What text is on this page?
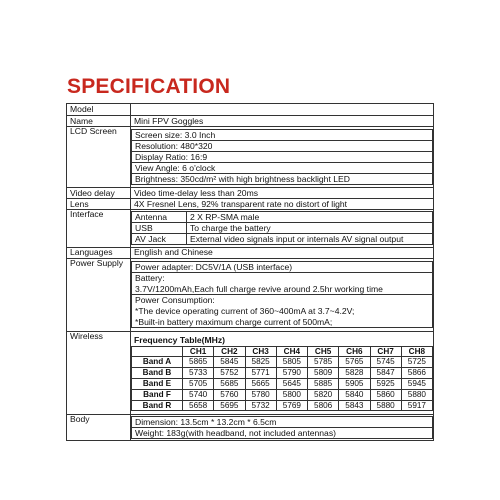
SPECIFICATION
Model	
Name	Mini FPV Goggles
LCD Screen	Screen size: 3.0 Inch
Resolution: 480*320
Display Ratio: 16:9
View Angle: 6 o'clock
Brightness: 350cd/m² with high brightness backlight LED

Video delay	Video time-delay less than 20ms
Lens	4X Fresnel Lens, 92% transparent rate no distort of light
Interface		Antenna	2 X RP-SMA male
USB	To charge the battery
AV Jack	External video signals input or internals AV signal output

Languages	English and Chinese
Power Supply	Power adapter: DC5V/1A (USB interface)

Battery:
3.7V/1200mAh,Each full charge revive around 2.5hr working time

Power Consumption:
*The device operating current of 360~400mA at 3.7~4.2V;
*Built-in battery maximum charge current of 500mA;

Wireless	Frequency Table(MHz)
	CH1	CH2	CH3	CH4	CH5	CH6	CH7	CH8
Band A	5865	5845	5825	5805	5785	5765	5745	5725
Band B	5733	5752	5771	5790	5809	5828	5847	5866
Band E	5705	5685	5665	5645	5885	5905	5925	5945
Band F	5740	5760	5780	5800	5820	5840	5860	5880
Band R	5658	5695	5732	5769	5806	5843	5880	5917

Body		Dimension: 13.5cm * 13.2cm * 6.5cm
Weight: 183g(with headband, not included antennas)
